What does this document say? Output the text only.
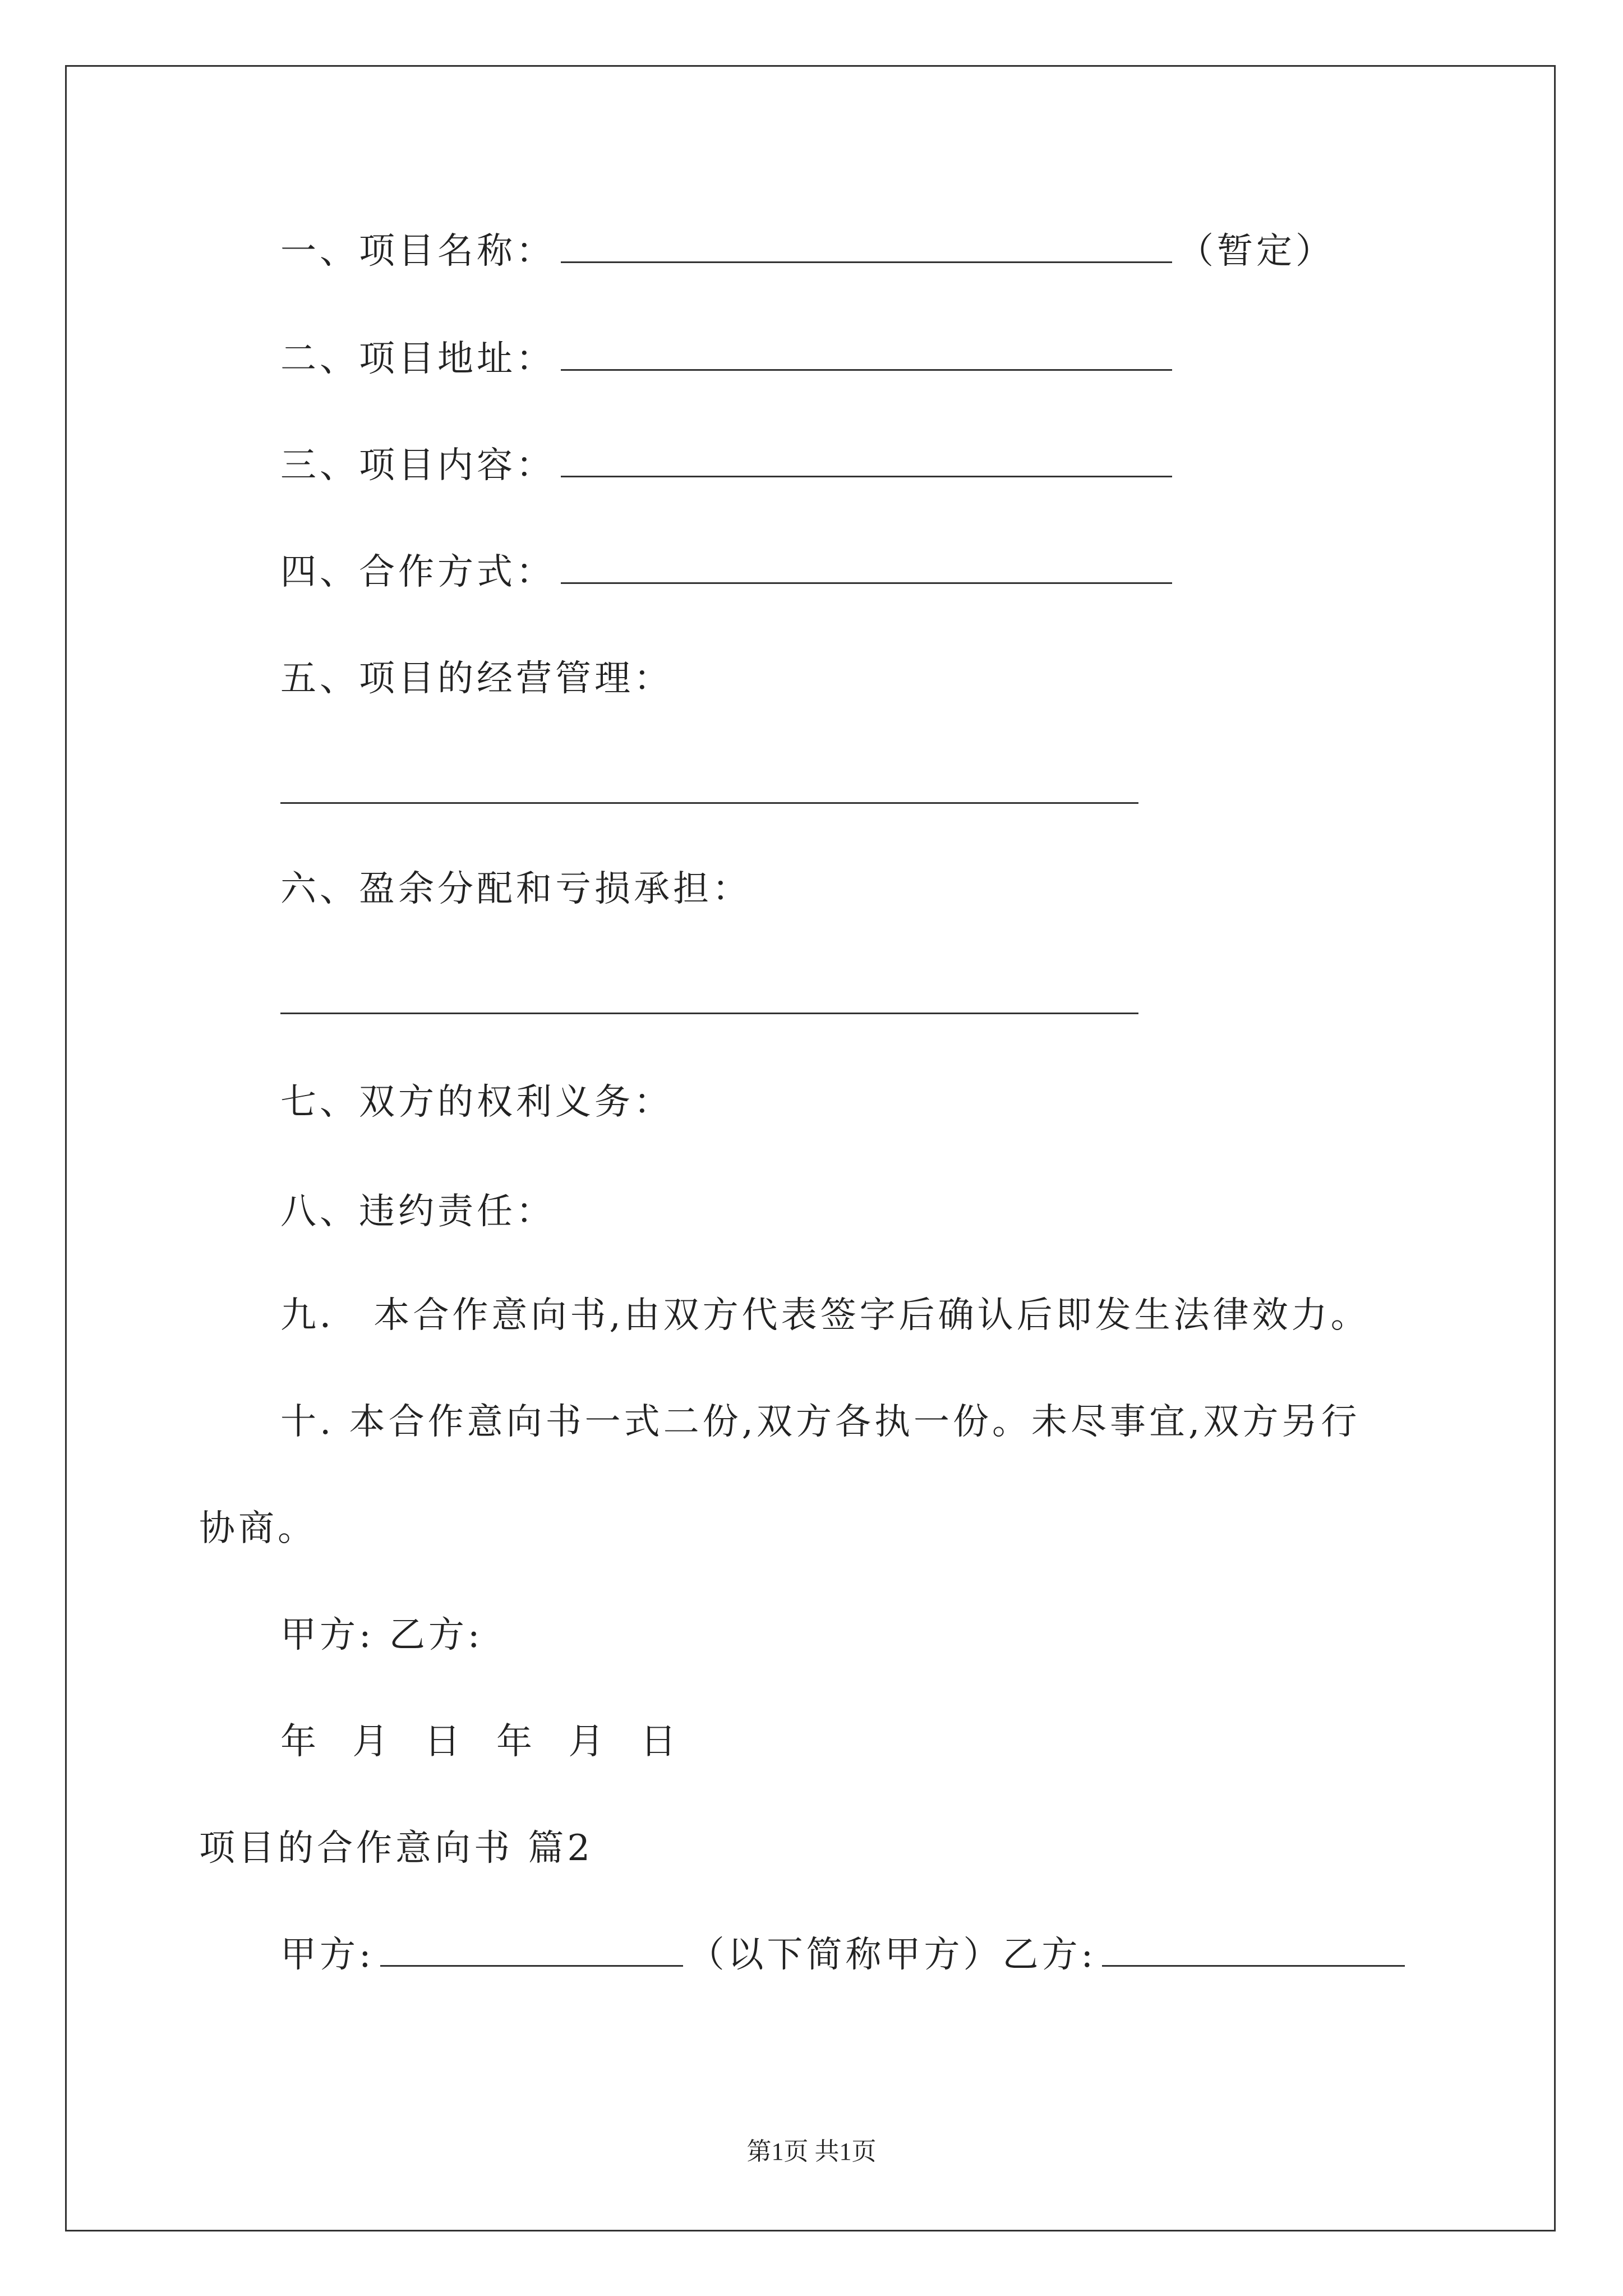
一、项目名称：	（暂定）
二、项目地址：
三、项目内容：
四、合作方式：
五、项目的经营管理：
六、盈余分配和亏损承担：
七、双方的权利义务：
八、违约责任：
九． 本合作意向书,由双方代表签字后确认后即发生法律效力。
十. 本合作意向书一式二份,双方各执一份。未尽事宜,双方另行
协商。
甲方: 乙方:
年 月 日 年 月 日
项目的合作意向书 篇2
甲方:	（以下简称甲方）乙方:
第1页 共1页
